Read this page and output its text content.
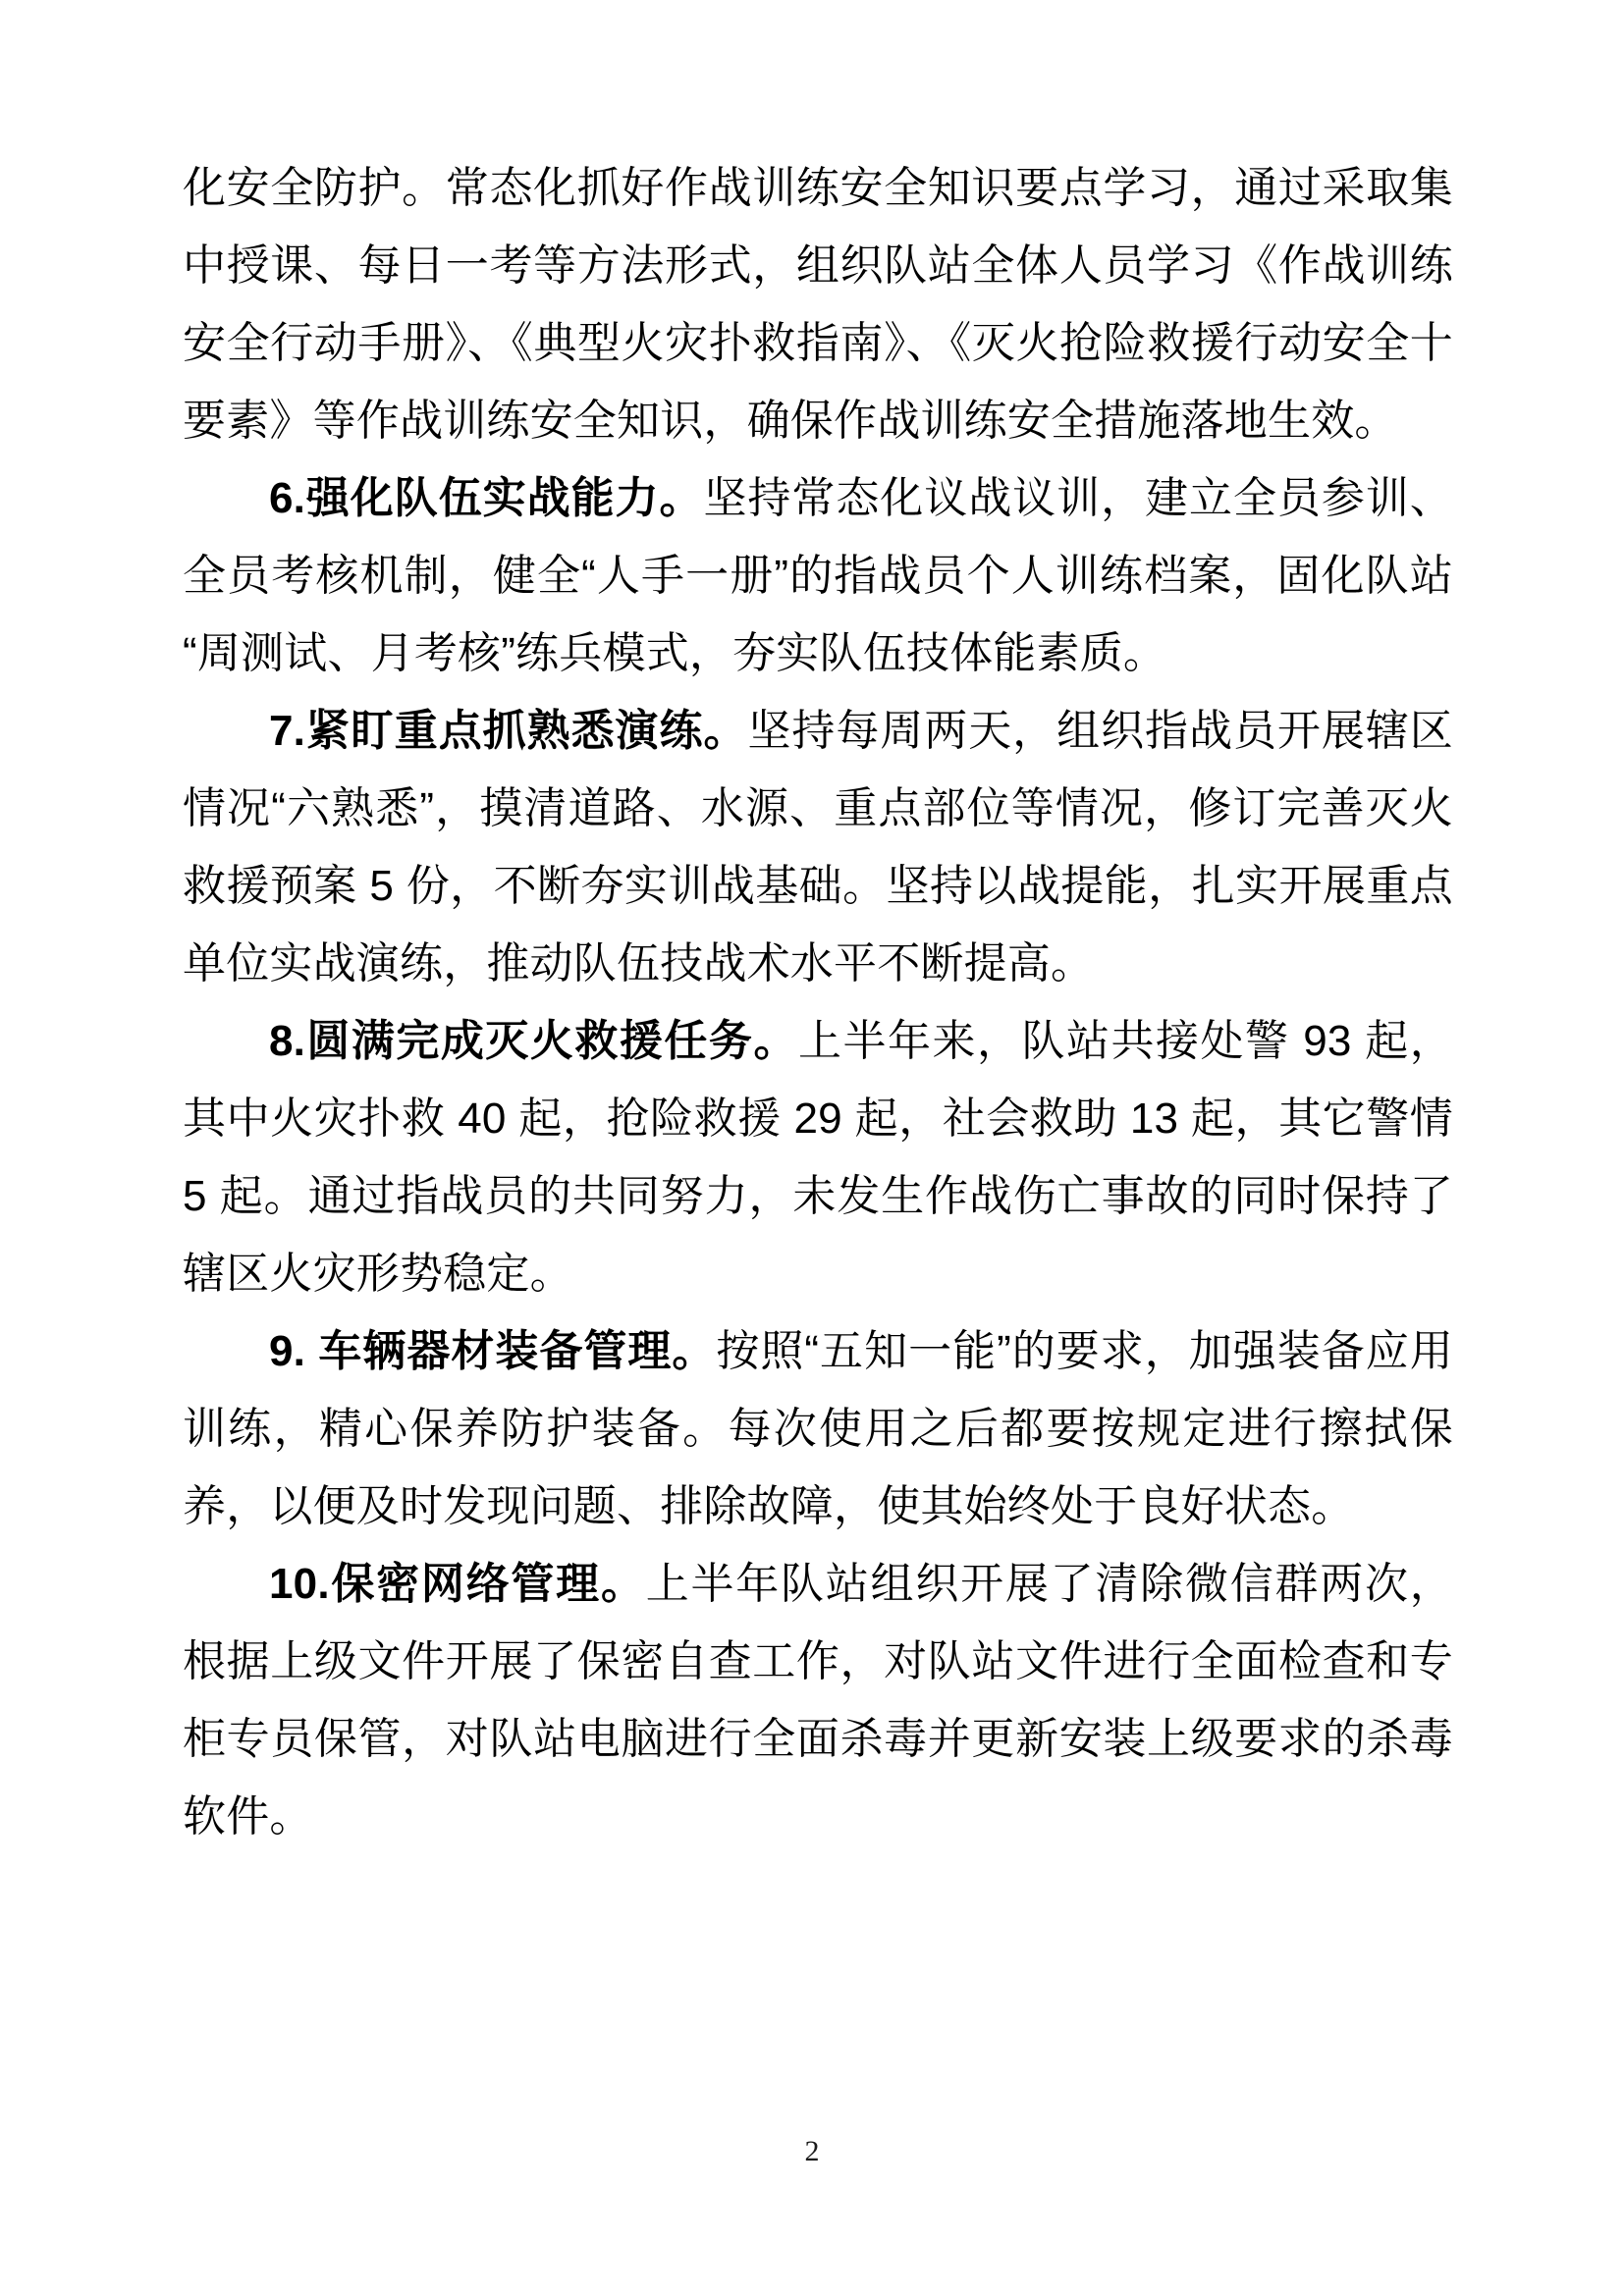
化安全防护。常态化抓好作战训练安全知识要点学习，通过采取集中授课、每日一考等方法形式，组织队站全体人员学习《作战训练安全行动手册》、《典型火灾扑救指南》、《灭火抢险救援行动安全十要素》等作战训练安全知识，确保作战训练安全措施落地生效。

6.强化队伍实战能力。坚持常态化议战议训，建立全员参训、全员考核机制，健全“人手一册”的指战员个人训练档案，固化队站“周测试、月考核”练兵模式，夯实队伍技体能素质。

7.紧盯重点抓熟悉演练。坚持每周两天，组织指战员开展辖区情况“六熟悉”，摸清道路、水源、重点部位等情况，修订完善灭火救援预案 5 份，不断夯实训战基础。坚持以战提能，扎实开展重点单位实战演练，推动队伍技战术水平不断提高。

8.圆满完成灭火救援任务。上半年来，队站共接处警 93 起，其中火灾扑救 40 起，抢险救援 29 起，社会救助 13 起，其它警情 5 起。通过指战员的共同努力，未发生作战伤亡事故的同时保持了辖区火灾形势稳定。

9. 车辆器材装备管理。按照“五知一能”的要求，加强装备应用训练，精心保养防护装备。每次使用之后都要按规定进行擦拭保养，以便及时发现问题、排除故障，使其始终处于良好状态。

10.保密网络管理。上半年队站组织开展了清除微信群两次，根据上级文件开展了保密自查工作，对队站文件进行全面检查和专柜专员保管，对队站电脑进行全面杀毒并更新安装上级要求的杀毒软件。

2
